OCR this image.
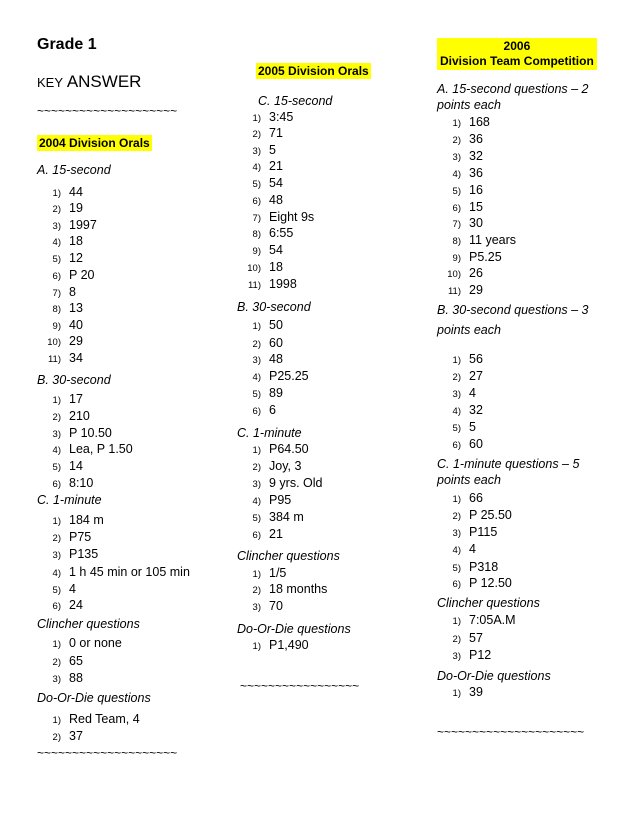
Grade 1
KEY ANSWER
~~~~~~~~~~~~~~~~~~~~
2004 Division Orals
2005 Division Orals
2006
Division Team Competition
A. 15-second
1) 44
2) 19
3) 1997
4) 18
5) 12
6) P 20
7) 8
8) 13
9) 40
10) 29
11) 34
B. 30-second
1) 17
2) 210
3) P 10.50
4) Lea, P 1.50
5) 14
6) 8:10
C. 1-minute
1) 184 m
2) P75
3) P135
4) 1 h 45 min or 105 min
5) 4
6) 24
Clincher questions
1) 0 or none
2) 65
3) 88
Do-Or-Die questions
1) Red Team, 4
2) 37
~~~~~~~~~~~~~~~~~~~~
C. 15-second
1) 3:45
2) 71
3) 5
4) 21
5) 54
6) 48
7) Eight 9s
8) 6:55
9) 54
10) 18
11) 1998
B. 30-second
1) 50
2) 60
3) 48
4) P25.25
5) 89
6) 6
C. 1-minute
1) P64.50
2) Joy, 3
3) 9 yrs. Old
4) P95
5) 384 m
6) 21
Clincher questions
1) 1/5
2) 18 months
3) 70
Do-Or-Die questions
1) P1,490
~~~~~~~~~~~~~~~~~
A. 15-second questions – 2
points each
1) 168
2) 36
3) 32
4) 36
5) 16
6) 15
7) 30
8) 11 years
9) P5.25
10) 26
11) 29
B. 30-second questions – 3
points each
1) 56
2) 27
3) 4
4) 32
5) 5
6) 60
C. 1-minute questions – 5
points each
1) 66
2) P 25.50
3) P115
4) 4
5) P318
6) P 12.50
Clincher questions
1) 7:05A.M
2) 57
3) P12
Do-Or-Die questions
1) 39
~~~~~~~~~~~~~~~~~~~~~
